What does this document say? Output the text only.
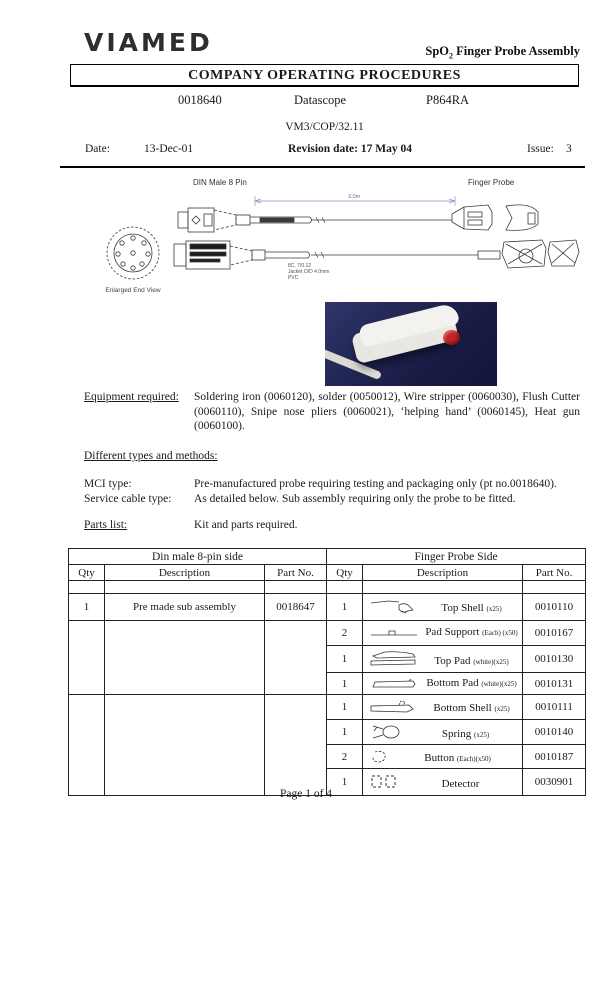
VIAMED	SpO$_2$ Finger Probe Assembly
COMPANY OPERATING PROCEDURES
0018640	Datascope	P864RA
VM3/COP/32.11
Date:	13-Dec-01	Revision date: 17 May 04	Issue: 3
DIN Male 8 Pin	Finger Probe
3.0m
8C, 7/0.12
Jacket O/D 4.0mm
PVC
Enlarged End View
Equipment required:	Soldering iron (0060120), solder (0050012), Wire stripper (0060030), Flush Cutter (0060110), Snipe nose pliers (0060021), ‘helping hand’ (0060145), Heat gun (0060100).
Different types and methods:
MCI type:	Pre-manufactured probe requiring testing and packaging only (pt no.0018640).
Service cable type:	As detailed below. Sub assembly requiring only the probe to be fitted.
Parts list:	Kit and parts required.
Din male 8-pin side			Finger Probe Side		
Qty	Description	Part No.	Qty	Description	Part No.

1	Pre made sub assembly	0018647	1	Top Shell (x25)	0010110
			2	Pad Support (Each) (x50)	0010167
			1	Top Pad (white)(x25)	0010130
			1	Bottom Pad (white)(x25)	0010131
			1	Bottom Shell (x25)	0010111
			1	Spring (x25)	0010140
			2	Button (Each)(x50)	0010187
			1	Detector	0030901
Page 1 of 4
